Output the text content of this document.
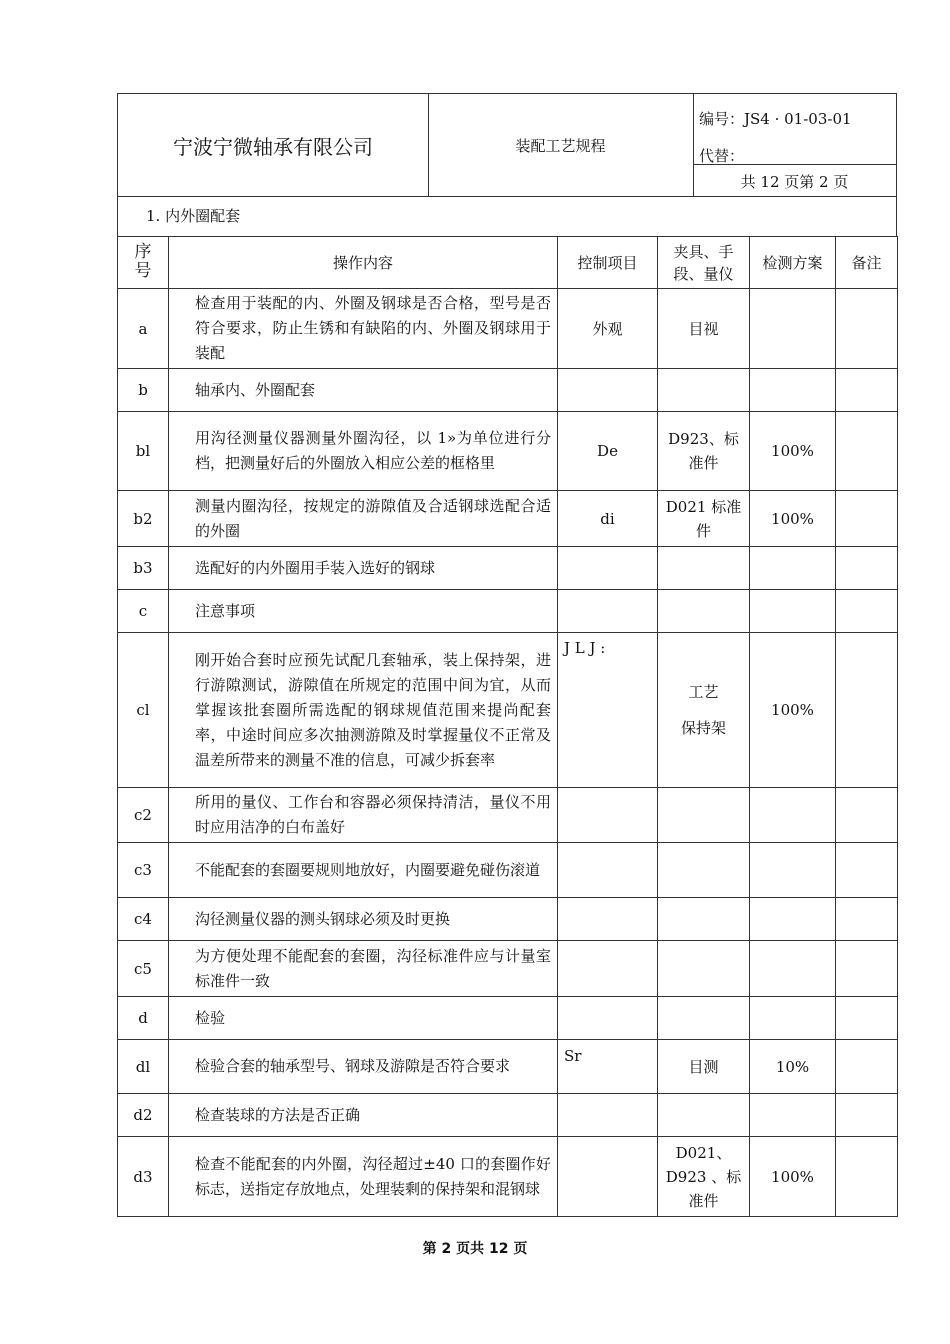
宁波宁微轴承有限公司	装配工艺规程
编号：JS4 · 01-03-01
代替：
共 12 页第 2 页
1. 内外圈配套
序号	操作内容	控制项目	夹具、手段、量仪	检测方案	备注
a	检查用于装配的内、外圈及钢球是否合格，型号是否符合要求，防止生锈和有缺陷的内、外圈及钢球用于装配	外观	目视		
b	轴承内、外圈配套				
bl	用沟径测量仪器测量外圈沟径，以 1»为单位进行分档，把测量好后的外圈放入相应公差的框格里	De	D923、标准件	100%	
b2	测量内圈沟径，按规定的游隙值及合适钢球选配合适的外圈	di	D021 标准件	100%	
b3	选配好的内外圈用手装入选好的钢球				
c	注意事项				
cl	刚开始合套时应预先试配几套轴承，装上保持架，进行游隙测试，游隙值在所规定的范围中间为宜，从而掌握该批套圈所需选配的钢球规值范围来提尚配套率，中途时间应多次抽测游隙及时掌握量仪不正常及温差所带来的测量不准的信息，可减少拆套率	J L J :	工艺 保持架	100%	
c2	所用的量仪、工作台和容器必须保持清洁，量仪不用时应用洁净的白布盖好				
c3	不能配套的套圈要规则地放好，内圈要避免碰伤滚道				
c4	沟径测量仪器的测头钢球必须及时更换				
c5	为方便处理不能配套的套圈，沟径标准件应与计量室标准件一致				
d	检验				
dl	检验合套的轴承型号、钢球及游隙是否符合要求	Sr	目测	10%	
d2	检查装球的方法是否正确				
d3	检查不能配套的内外圈，沟径超过±40 口的套圈作好标志，送指定存放地点，处理装剩的保持架和混钢球		D021、D923 、标准件	100%	
第 2 页共 12 页
